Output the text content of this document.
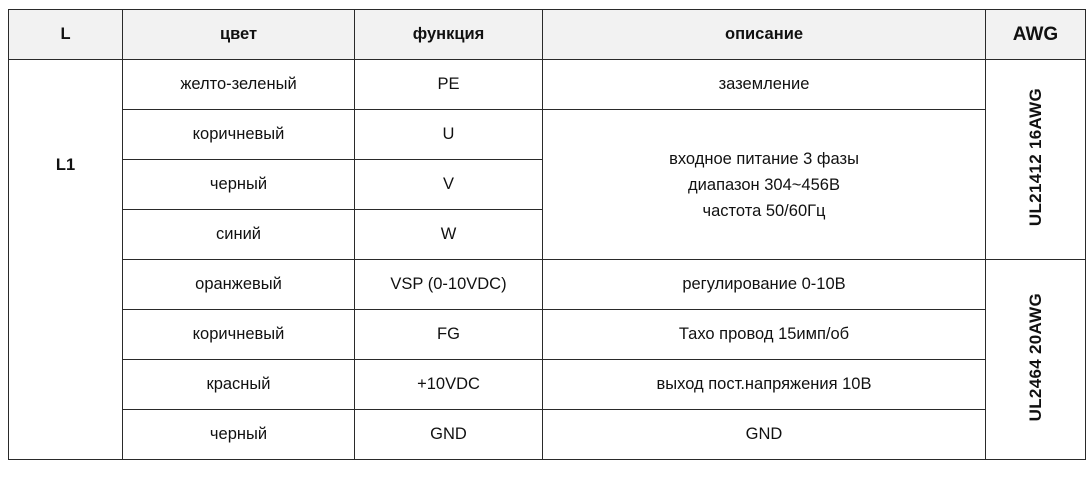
L	цвет	функция	описание	AWG
L1	желто-зеленый	PE	заземление	UL21412 16AWG
	коричневый	U	входное питание 3 фазы
диапазон 304~456В
частота 50/60Гц	

	черный	V		
	синий	W		
	оранжевый	VSP (0-10VDC)	регулирование 0-10В	UL2464 20AWG
	коричневый	FG	Тахо провод 15имп/об	
	красный	+10VDC	выход пост.напряжения 10В	
	черный	GND	GND	
